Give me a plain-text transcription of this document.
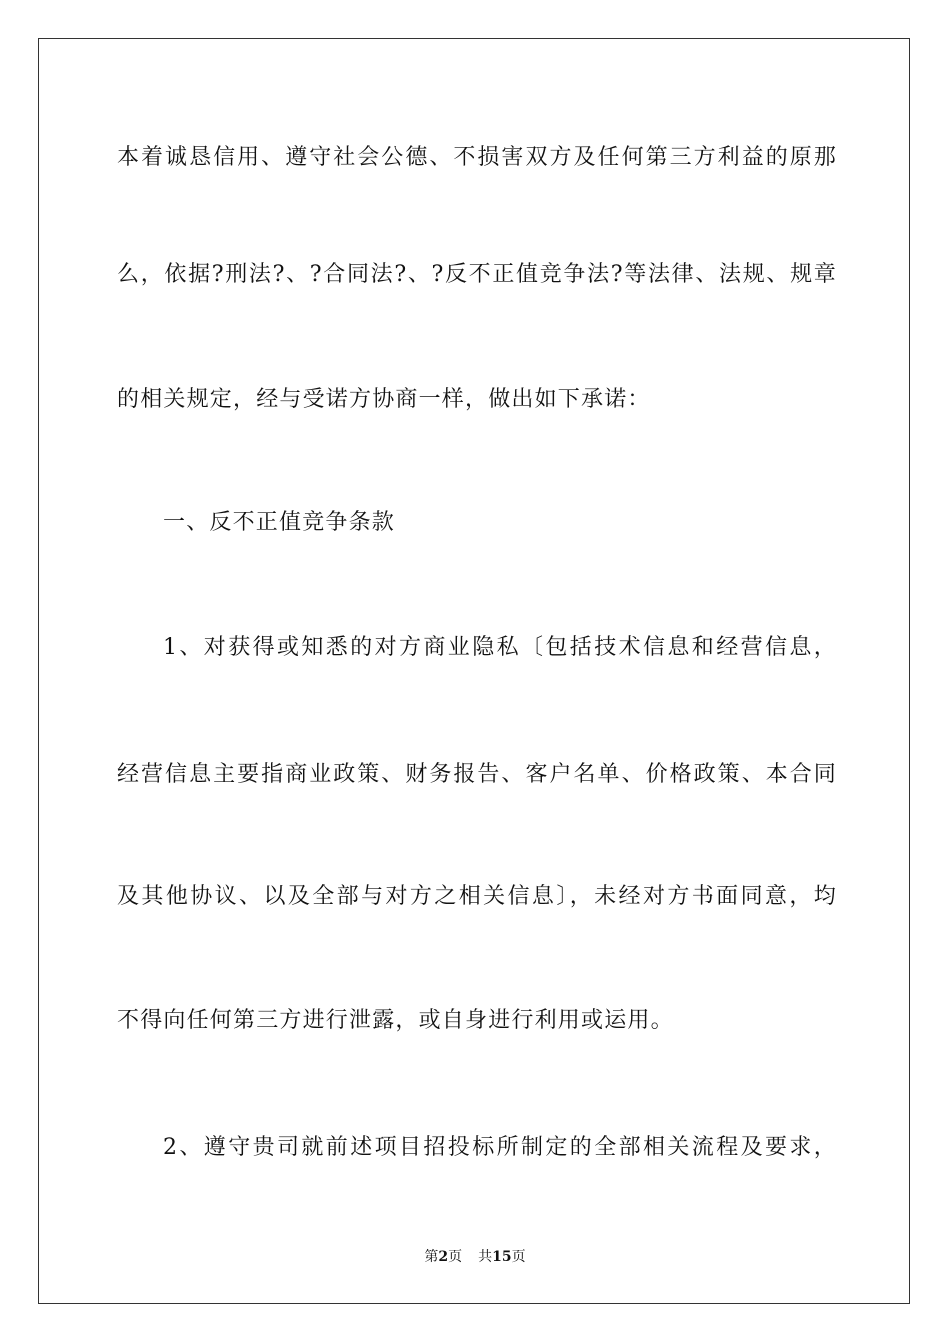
本着诚恳信用、遵守社会公德、不损害双方及任何第三方利益的原那
么，依据?刑法?、?合同法?、?反不正值竞争法?等法律、法规、规章
的相关规定，经与受诺方协商一样，做出如下承诺：
一、反不正值竞争条款
1、对获得或知悉的对方商业隐私〔包括技术信息和经营信息，
经营信息主要指商业政策、财务报告、客户名单、价格政策、本合同
及其他协议、以及全部与对方之相关信息〕，未经对方书面同意，均
不得向任何第三方进行泄露，或自身进行利用或运用。
2、遵守贵司就前述项目招投标所制定的全部相关流程及要求，
第2页 共15页
